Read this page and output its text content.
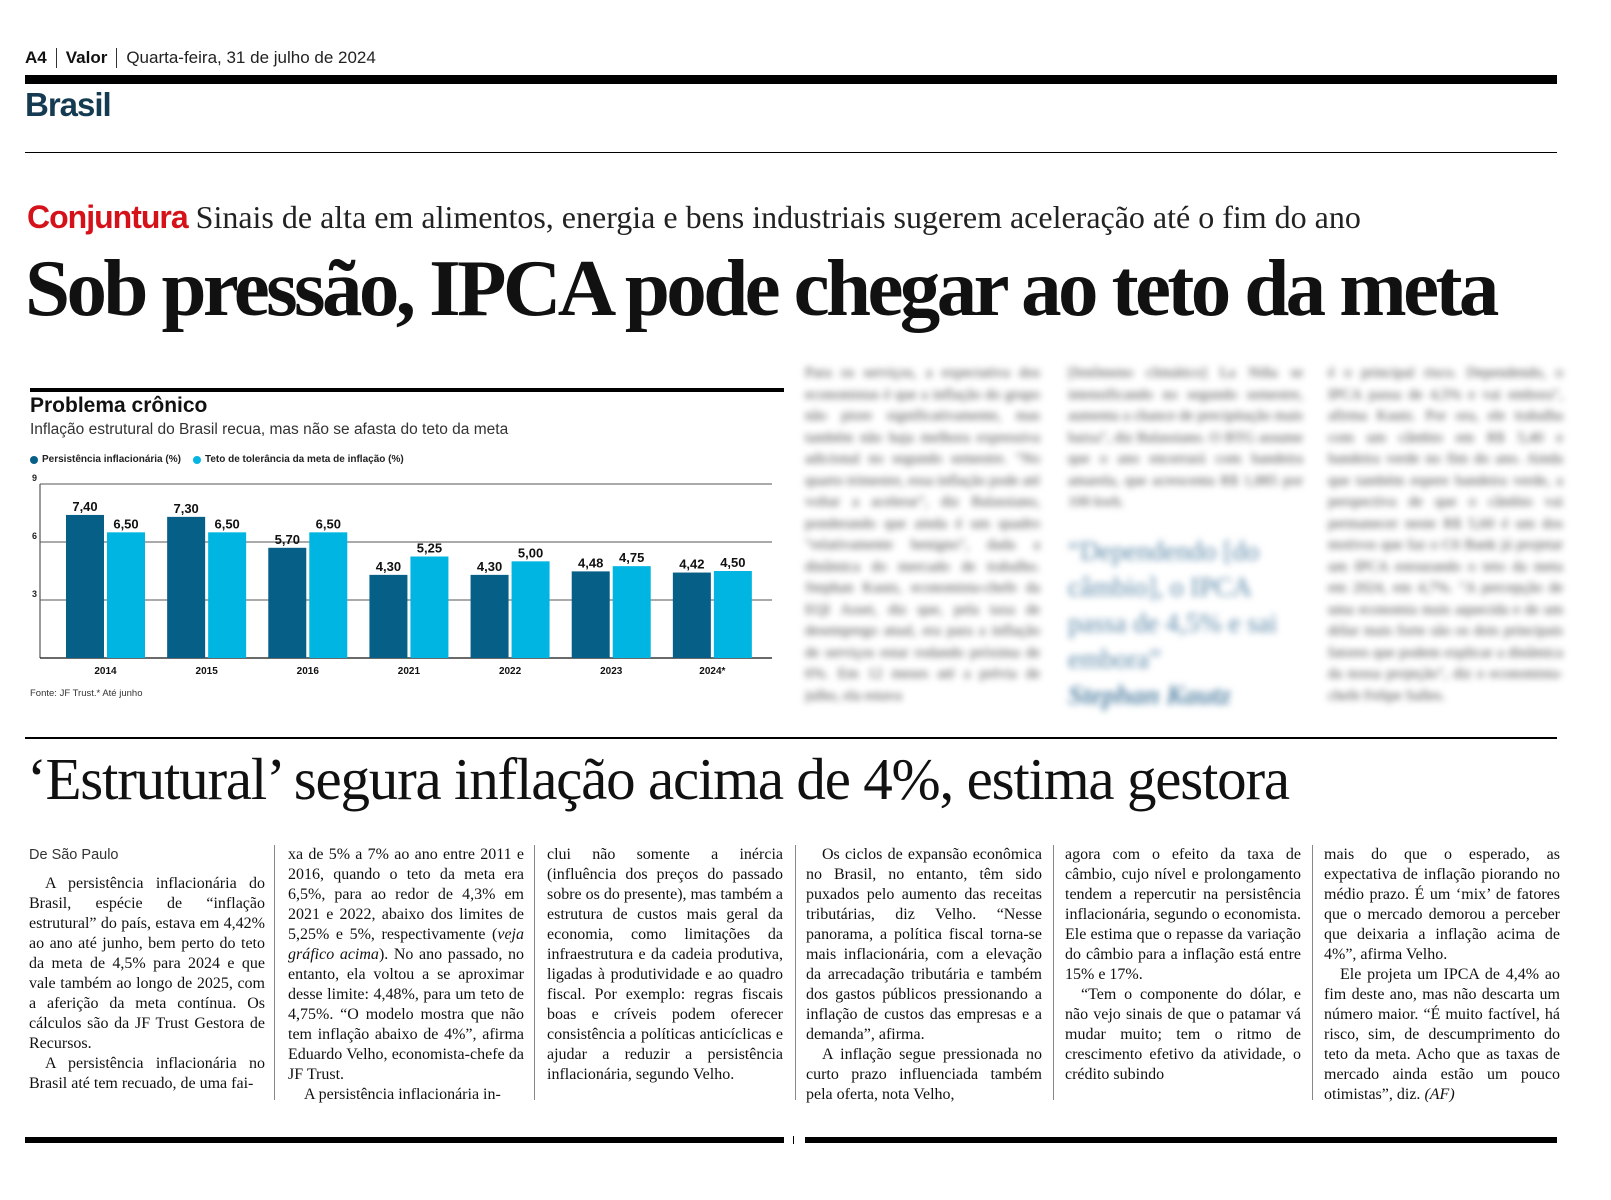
A4 Valor Quarta-feira, 31 de julho de 2024
Brasil
Conjuntura Sinais de alta em alimentos, energia e bens industriais sugerem aceleração até o fim do ano
Sob pressão, IPCA pode chegar ao teto da meta
Problema crônico
Inflação estrutural do Brasil recua, mas não se afasta do teto da meta
Persistência inflacionária (%) Teto de tolerância da meta de inflação (%)
3
6
9
7,40
6,50
2014
7,30
6,50
2015
5,70
6,50
2016
4,30
5,25
2021
4,30
5,00
2022
4,48 4,75
2023
4,42 4,50
2024*
Fonte: JF Trust.* Até junho
Para os serviços, a expectativa dos economistas é que a inflação do grupo não piore significativamente, mas também não haja melhora expressiva adicional no segundo semestre. "No quarto trimestre, essa inflação pode até voltar a acelerar", diz Balassiano, ponderando que ainda é um quadro "relativamente benigno", dada a dinâmica do mercado de trabalho. Stephan Kautz, economista-chefe da EQI Asset, diz que, pela taxa de desemprego atual, era para a inflação de serviços estar rodando próxima de 6%. Em 12 meses até a prévia de julho, ela estava
[fenômeno climático] La Niña se intensificando no segundo semestre, aumenta a chance de precipitação mais baixa", diz Balassiano. O BTG assume que o ano encerrará com bandeira amarela, que acrescenta R$ 1,885 por 100 kwh.
“Dependendo [do câmbio], o IPCA passa de 4,5% e sai embora”
Stephan Kautz
é o principal risco. Dependendo, o IPCA passa de 4,5% e vai embora", afirma Kautz. Por ora, ele trabalha com um câmbio em R$ 5,40 e bandeira verde no fim do ano. Ainda que também espere bandeira verde, a perspectiva de que o câmbio vai permanecer neste R$ 5,60 é um dos motivos que faz o C6 Bank já projetar um IPCA estourando o teto da meta em 2024, em 4,7%. "A percepção de uma economia mais aquecida e de um dólar mais forte são os dois principais fatores que podem explicar a dinâmica da nossa projeção", diz o economista-chefe Felipe Salles.
‘Estrutural’ segura inflação acima de 4%, estima gestora

De São Paulo

A persistência inflacionária do Brasil, espécie de “inflação estrutural” do país, estava em 4,42% ao ano até junho, bem perto do teto da meta de 4,5% para 2024 e que vale também ao longo de 2025, com a aferição da meta contínua. Os cálculos são da JF Trust Gestora de Recursos.

A persistência inflacionária no Brasil até tem recuado, de uma fai-

xa de 5% a 7% ao ano entre 2011 e 2016, quando o teto da meta era 6,5%, para ao redor de 4,3% em 2021 e 2022, abaixo dos limites de 5,25% e 5%, respectivamente (veja gráfico acima). No ano passado, no entanto, ela voltou a se aproximar desse limite: 4,48%, para um teto de 4,75%. “O modelo mostra que não tem inflação abaixo de 4%”, afirma Eduardo Velho, economista-chefe da JF Trust.

A persistência inflacionária in-

clui não somente a inércia (influência dos preços do passado sobre os do presente), mas também a estrutura de custos mais geral da economia, como limitações da infraestrutura e da cadeia produtiva, ligadas à produtividade e ao quadro fiscal. Por exemplo: regras fiscais boas e críveis podem oferecer consistência a políticas anticíclicas e ajudar a reduzir a persistência inflacionária, segundo Velho.

Os ciclos de expansão econômica no Brasil, no entanto, têm sido puxados pelo aumento das receitas tributárias, diz Velho. “Nesse panorama, a política fiscal torna-se mais inflacionária, com a elevação da arrecadação tributária e também dos gastos públicos pressionando a inflação de custos das empresas e a demanda”, afirma.

A inflação segue pressionada no curto prazo influenciada também pela oferta, nota Velho,

agora com o efeito da taxa de câmbio, cujo nível e prolongamento tendem a repercutir na persistência inflacionária, segundo o economista. Ele estima que o repasse da variação do câmbio para a inflação está entre 15% e 17%.

“Tem o componente do dólar, e não vejo sinais de que o patamar vá mudar muito; tem o ritmo de crescimento efetivo da atividade, o crédito subindo

mais do que o esperado, as expectativa de inflação piorando no médio prazo. É um ‘mix’ de fatores que o mercado demorou a perceber que deixaria a inflação acima de 4%”, afirma Velho.

Ele projeta um IPCA de 4,4% ao fim deste ano, mas não descarta um número maior. “É muito factível, há risco, sim, de descumprimento do teto da meta. Acho que as taxas de mercado ainda estão um pouco otimistas”, diz. (AF)
